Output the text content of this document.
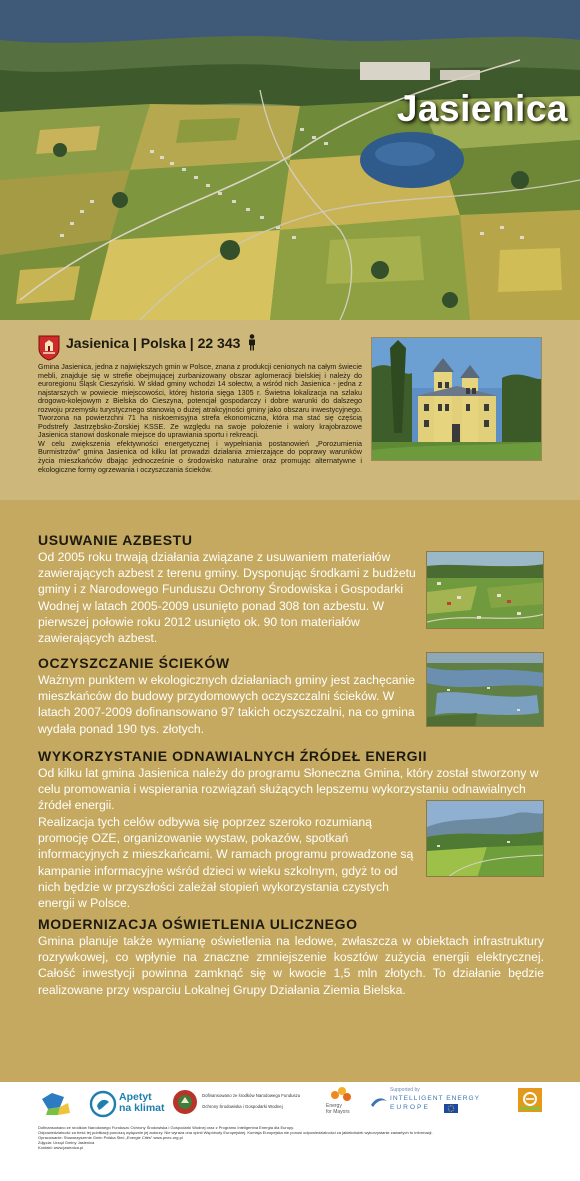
Jasienica
Jasienica | Polska | 22 343

Gmina Jasienica, jedna z największych gmin w Polsce, znana z produkcji cenionych na całym świecie mebli, znajduje się w strefie obejmującej zurbanizowany obszar aglomeracji bielskiej i należy do euroregionu Śląsk Cieszyński. W skład gminy wchodzi 14 sołectw, a wśród nich Jasienica - jedna z najstarszych w powiecie miejscowości, której historia sięga 1305 r. Świetna lokalizacja na szlaku drogowo-kolejowym z Bielska do Cieszyna, potencjał gospodarczy i dobre warunki do dalszego rozwoju przemysłu turystycznego stanowią o dużej atrakcyjności gminy jako obszaru inwestycyjnego. Tworzona na powierzchni 71 ha niskoemisyjna strefa ekonomiczna, która ma stać się częścią Podstrefy Jastrzębsko-Żorskiej KSSE. Ze względu na swoje położenie i walory krajobrazowe Jasienica stanowi doskonałe miejsce do uprawiania sportu i rekreacji.

W celu zwiększenia efektywności energetycznej i wypełniania postanowień „Porozumienia Burmistrzów” gmina Jasienica od kilku lat prowadzi działania zmierzające do poprawy warunków życia mieszkańców dbając jednocześnie o środowisko naturalne oraz promując alternatywne i ekologiczne formy ogrzewania i oczyszczania ścieków.

USUWANIE AZBESTU
Od 2005 roku trwają działania związane z usuwaniem materiałów zawierających azbest z terenu gminy. Dysponując środkami z budżetu gminy i z Narodowego Funduszu Ochrony Środowiska i Gospodarki Wodnej w latach 2005-2009 usunięto ponad 308 ton azbestu. W pierwszej połowie roku 2012 usunięto ok. 90 ton materiałów zawierających azbest.
OCZYSZCZANIE ŚCIEKÓW
Ważnym punktem w ekologicznych działaniach gminy jest zachęcanie mieszkańców do budowy przydomowych oczyszczalni ścieków. W latach 2007-2009 dofinansowano 97 takich oczyszczalni, na co gmina wydała ponad 190 tys. złotych.
WYKORZYSTANIE ODNAWIALNYCH ŹRÓDEŁ ENERGII
Od kilku lat gmina Jasienica należy do programu Słoneczna Gmina, który został stworzony w celu promowania i wspierania rozwiązań służących lepszemu wykorzystaniu odnawialnych źródeł energii.
Realizacja tych celów odbywa się poprzez szeroko rozumianą promocję OZE, organizowanie wystaw, pokazów, spotkań informacyjnych z mieszkańcami. W ramach programu prowadzone są kampanie informacyjne wśród dzieci w wieku szkolnym, gdyż to od nich będzie w przyszłości zależał stopień wykorzystania czystych energii w Polsce.
MODERNIZACJA OŚWIETLENIA ULICZNEGO
Gmina planuje także wymianę oświetlenia na ledowe, zwłaszcza w obiektach infrastruktury rozrywkowej, co wpłynie na znaczne zmniejszenie kosztów zużycia energii elektrycznej. Całość inwestycji powinna zamknąć się w kwocie 1,5 mln złotych. To działanie będzie realizowane przy wsparciu Lokalnej Grupy Działania Ziemia Bielska.
Apetyt
na klimat
Dofinansowano ze środków Narodowego Funduszu
Ochrony Środowiska i Gospodarki Wodnej	Energy
for Mayors
Supported by
INTELLIGENT ENERGY
EUROPE
Dofinansowano ze środków Narodowego Funduszu Ochrony Środowiska i Gospodarki Wodnej oraz z Programu Inteligentna Energia dla Europy.
Odpowiedzialność za treść tej publikacji ponoszą wyłącznie jej autorzy. Nie wyraża ona opinii Wspólnoty Europejskiej. Komisja Europejska nie ponosi odpowiedzialności za jakiekolwiek wykorzystanie zawartych tu informacji.
Opracowanie: Stowarzyszenie Gmin Polska Sieć „Energie Cités” www.pnec.org.pl
Zdjęcia: Urząd Gminy Jasienica
Kontakt: www.jasienica.pl
